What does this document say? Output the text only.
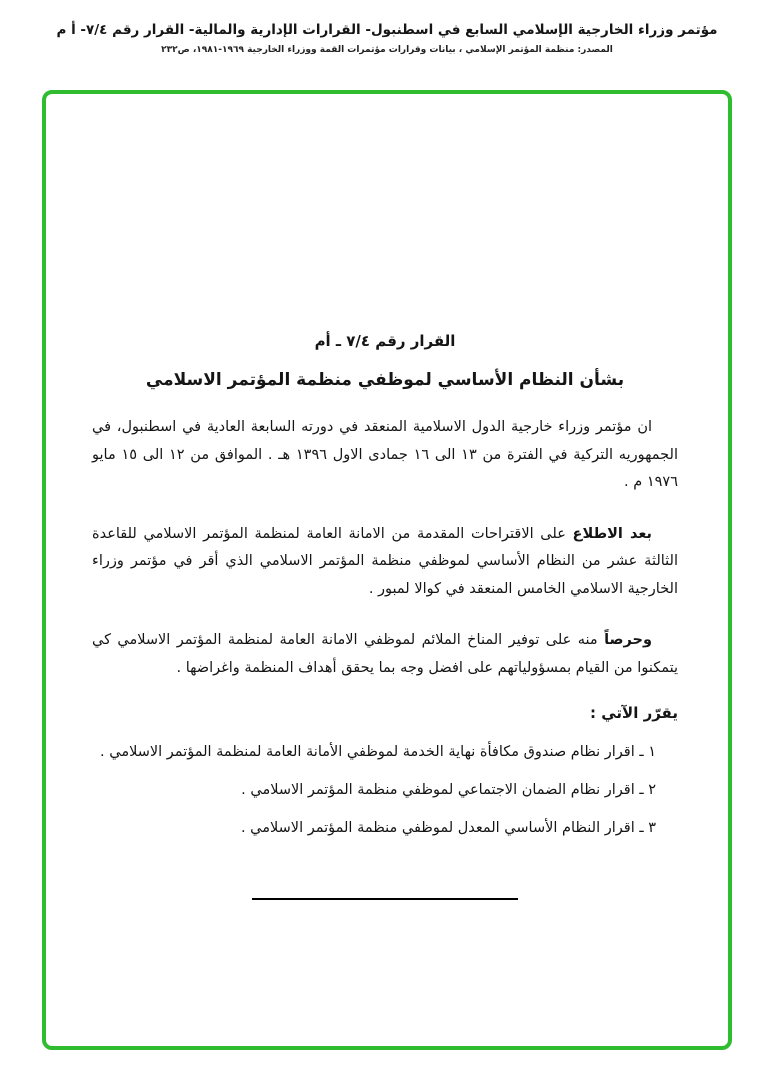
مؤتمر وزراء الخارجية الإسلامي السابع في اسطنبول- القرارات الإدارية والمالية- القرار رقم ٧/٤- أ م
المصدر: منظمة المؤتمر الإسلامي ، بيانات وقرارات مؤتمرات القمة ووزراء الخارجية ١٩٦٩-١٩٨١، ص٢٣٢
القرار رقم ٧/٤ ـ أم
بشأن النظام الأساسي لموظفي منظمة المؤتمر الاسلامي

ان مؤتمر وزراء خارجية الدول الاسلامية المنعقد في دورته السابعة العادية في اسطنبول، في الجمهوريه التركية في الفترة من ١٣ الى ١٦ جمادى الاول ١٣٩٦ هـ . الموافق من ١٢ الى ١٥ مايو ١٩٧٦ م .

بعد الاطلاع على الاقتراحات المقدمة من الامانة العامة لمنظمة المؤتمر الاسلامي للقاعدة الثالثة عشر من النظام الأساسي لموظفي منظمة المؤتمر الاسلامي الذي أقر في مؤتمر وزراء الخارجية الاسلامي الخامس المنعقد في كوالا لمبور .

وحرصاً منه على توفير المناخ الملائم لموظفي الامانة العامة لمنظمة المؤتمر الاسلامي كي يتمكنوا من القيام بمسؤولياتهم على افضل وجه بما يحقق أهداف المنظمة واغراضها .

يقرّر الآتي :
١ ـ اقرار نظام صندوق مكافأة نهاية الخدمة لموظفي الأمانة العامة لمنظمة المؤتمر الاسلامي .
٢ ـ اقرار نظام الضمان الاجتماعي لموظفي منظمة المؤتمر الاسلامي .
٣ ـ اقرار النظام الأساسي المعدل لموظفي منظمة المؤتمر الاسلامي .
